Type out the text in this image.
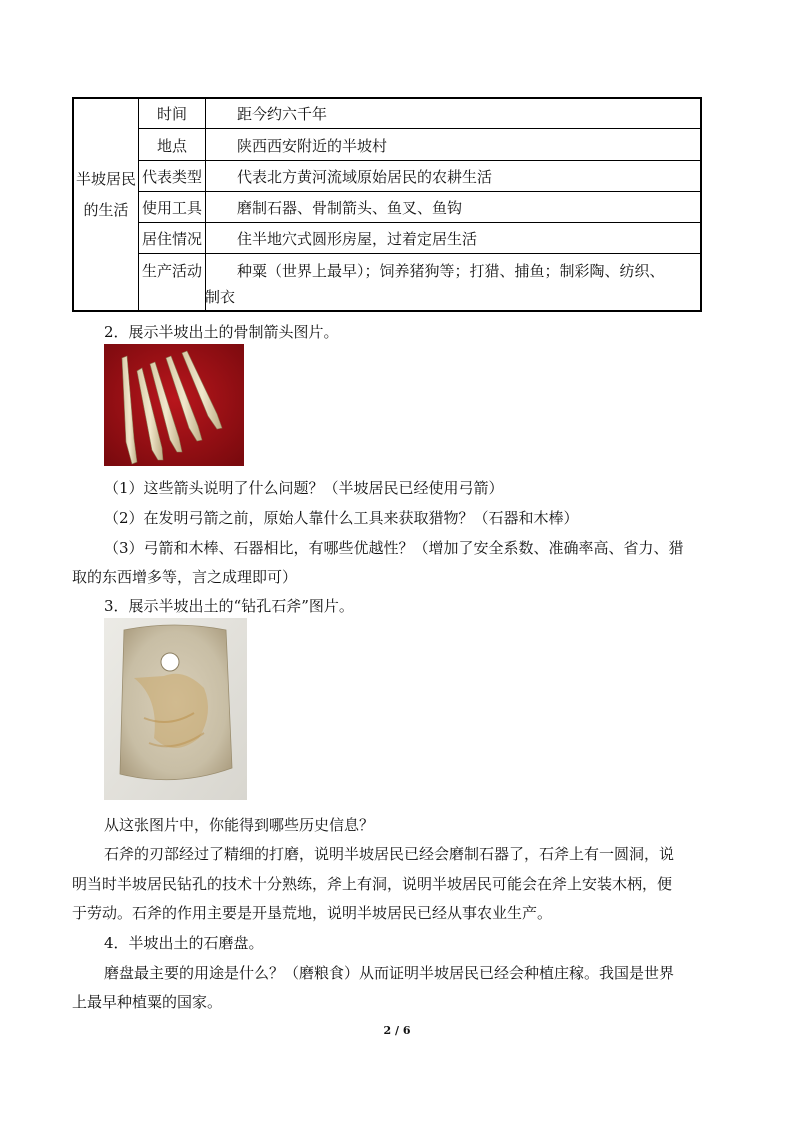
半坡居民
的生活
时间
地点
代表类型
使用工具
居住情况
生产活动
距今约六千年
陕西西安附近的半坡村
代表北方黄河流域原始居民的农耕生活
磨制石器、骨制箭头、鱼叉、鱼钩
住半地穴式圆形房屋，过着定居生活
种粟（世界上最早）；饲养猪狗等；打猎、捕鱼；制彩陶、纺织、
制衣
2．展示半坡出土的骨制箭头图片。
（1）这些箭头说明了什么问题？（半坡居民已经使用弓箭）
（2）在发明弓箭之前，原始人靠什么工具来获取猎物？（石器和木棒）
（3）弓箭和木棒、石器相比，有哪些优越性？（增加了安全系数、准确率高、省力、猎
取的东西增多等，言之成理即可）
3．展示半坡出土的“钻孔石斧”图片。
从这张图片中，你能得到哪些历史信息？
石斧的刃部经过了精细的打磨，说明半坡居民已经会磨制石器了，石斧上有一圆洞，说
明当时半坡居民钻孔的技术十分熟练，斧上有洞，说明半坡居民可能会在斧上安装木柄，便
于劳动。石斧的作用主要是开垦荒地，说明半坡居民已经从事农业生产。
4．半坡出土的石磨盘。
磨盘最主要的用途是什么？（磨粮食）从而证明半坡居民已经会种植庄稼。我国是世界
上最早种植粟的国家。
2 / 6
